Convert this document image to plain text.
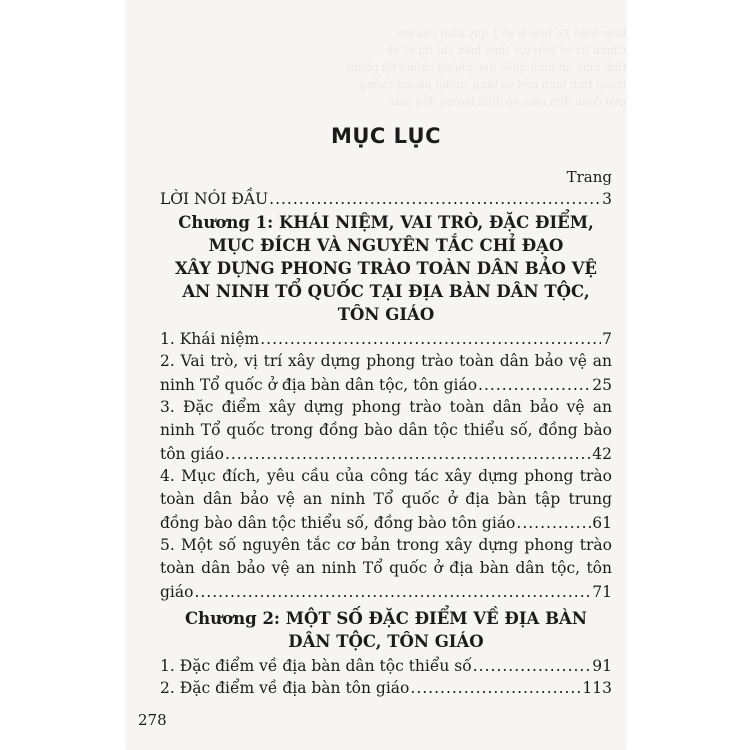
thực hiện Kế hoạch số 1 quý năm của Bộ
Chính trị về tiếp tục thực hiện chỉ thị số về
tình hình an ninh quốc gia, phòng chống tội phạm
trong tình hình mới và tăng cường phòng chống
giai đoạn đến năm và định hướng đến năm

MỤC LỤC
Trang
LỜI NÓI ĐẦU .....	3
Chương 1: KHÁI NIỆM, VAI TRÒ, ĐẶC ĐIỂM,
MỤC ĐÍCH VÀ NGUYÊN TẮC CHỈ ĐẠO
XÂY DỰNG PHONG TRÀO TOÀN DÂN BẢO VỆ
AN NINH TỔ QUỐC TẠI ĐỊA BÀN DÂN TỘC,
TÔN GIÁO
1. Khái niệm .....	7
2. Vai trò, vị trí xây dựng phong trào toàn dân bảo vệ an
ninh Tổ quốc ở địa bàn dân tộc, tôn giáo .....	25
3. Đặc điểm xây dựng phong trào toàn dân bảo vệ an
ninh Tổ quốc trong đồng bào dân tộc thiểu số, đồng bào
tôn giáo .....	42
4. Mục đích, yêu cầu của công tác xây dựng phong trào
toàn dân bảo vệ an ninh Tổ quốc ở địa bàn tập trung
đồng bào dân tộc thiểu số, đồng bào tôn giáo .....	61
5. Một số nguyên tắc cơ bản trong xây dựng phong trào
toàn dân bảo vệ an ninh Tổ quốc ở địa bàn dân tộc, tôn
giáo .....	71
Chương 2: MỘT SỐ ĐẶC ĐIỂM VỀ ĐỊA BÀN
DÂN TỘC, TÔN GIÁO
1. Đặc điểm về địa bàn dân tộc thiểu số .....	91
2. Đặc điểm về địa bàn tôn giáo .....	113
278
